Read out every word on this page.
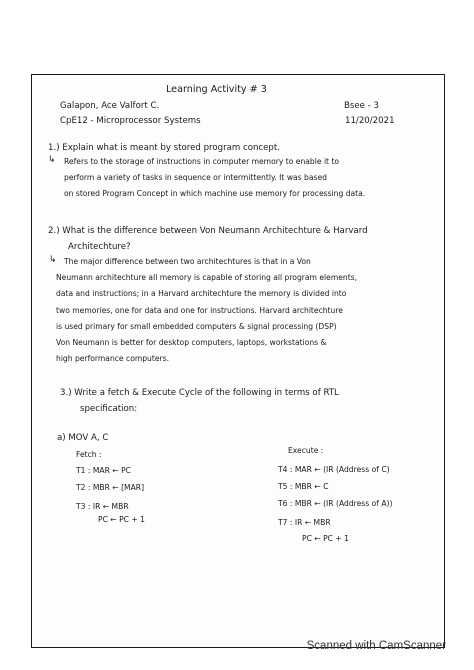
Learning Activity # 3
Galapon, Ace Valfort C.	Bsee - 3
CpE12 - Microprocessor Systems	11/20/2021
1.) Explain what is meant by stored program concept.
↳ Refers to the storage of instructions in computer memory to enable it to
perform a variety of tasks in sequence or intermittently. It was based
on stored Program Concept in which machine use memory for processing data.
2.) What is the difference between Von Neumann Architechture & Harvard
Architechture?
↳ The major difference between two architechtures is that in a Von
Neumann architechture all memory is capable of storing all program elements,
data and instructions; in a Harvard architechture the memory is divided into
two memories, one for data and one for instructions. Harvard architechture
is used primary for small embedded computers & signal processing (DSP)
Von Neumann is better for desktop computers, laptops, workstations &
high performance computers.
3.) Write a fetch & Execute Cycle of the following in terms of RTL
specification:
a) MOV A, C
Fetch :
T1 : MAR ← PC
T2 : MBR ← [MAR]
T3 : IR ← MBR
PC ← PC + 1
Execute :
T4 : MAR ← (IR (Address of C)
T5 : MBR ← C
T6 : MBR ← (IR (Address of A))
T7 : IR ← MBR
PC ← PC + 1
Scanned with CamScanner
